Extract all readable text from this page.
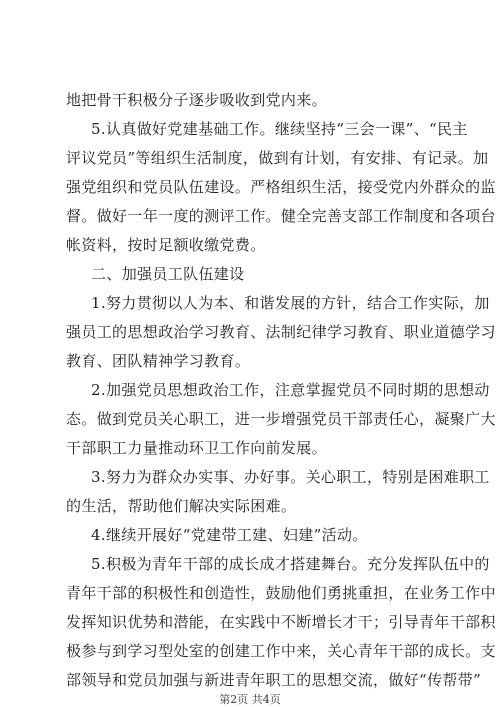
地把骨干积极分子逐步吸收到党内来。
5.认真做好党建基础工作。继续坚持“三会一课”、“民主
评议党员”等组织生活制度，做到有计划，有安排、有记录。加
强党组织和党员队伍建设。严格组织生活，接受党内外群众的监
督。做好一年一度的测评工作。健全完善支部工作制度和各项台
帐资料，按时足额收缴党费。
二、加强员工队伍建设
1.努力贯彻以人为本、和谐发展的方针，结合工作实际，加
强员工的思想政治学习教育、法制纪律学习教育、职业道德学习
教育、团队精神学习教育。
2.加强党员思想政治工作，注意掌握党员不同时期的思想动
态。做到党员关心职工，进一步增强党员干部责任心，凝聚广大
干部职工力量推动环卫工作向前发展。
3.努力为群众办实事、办好事。关心职工，特别是困难职工
的生活，帮助他们解决实际困难。
4.继续开展好“党建带工建、妇建”活动。
5.积极为青年干部的成长成才搭建舞台。充分发挥队伍中的
青年干部的积极性和创造性，鼓励他们勇挑重担，在业务工作中
发挥知识优势和潜能，在实践中不断增长才干；引导青年干部积
极参与到学习型处室的创建工作中来，关心青年干部的成长。支
第2页 共4页
部领导和党员加强与新进青年职工的思想交流，做好“传帮带”
